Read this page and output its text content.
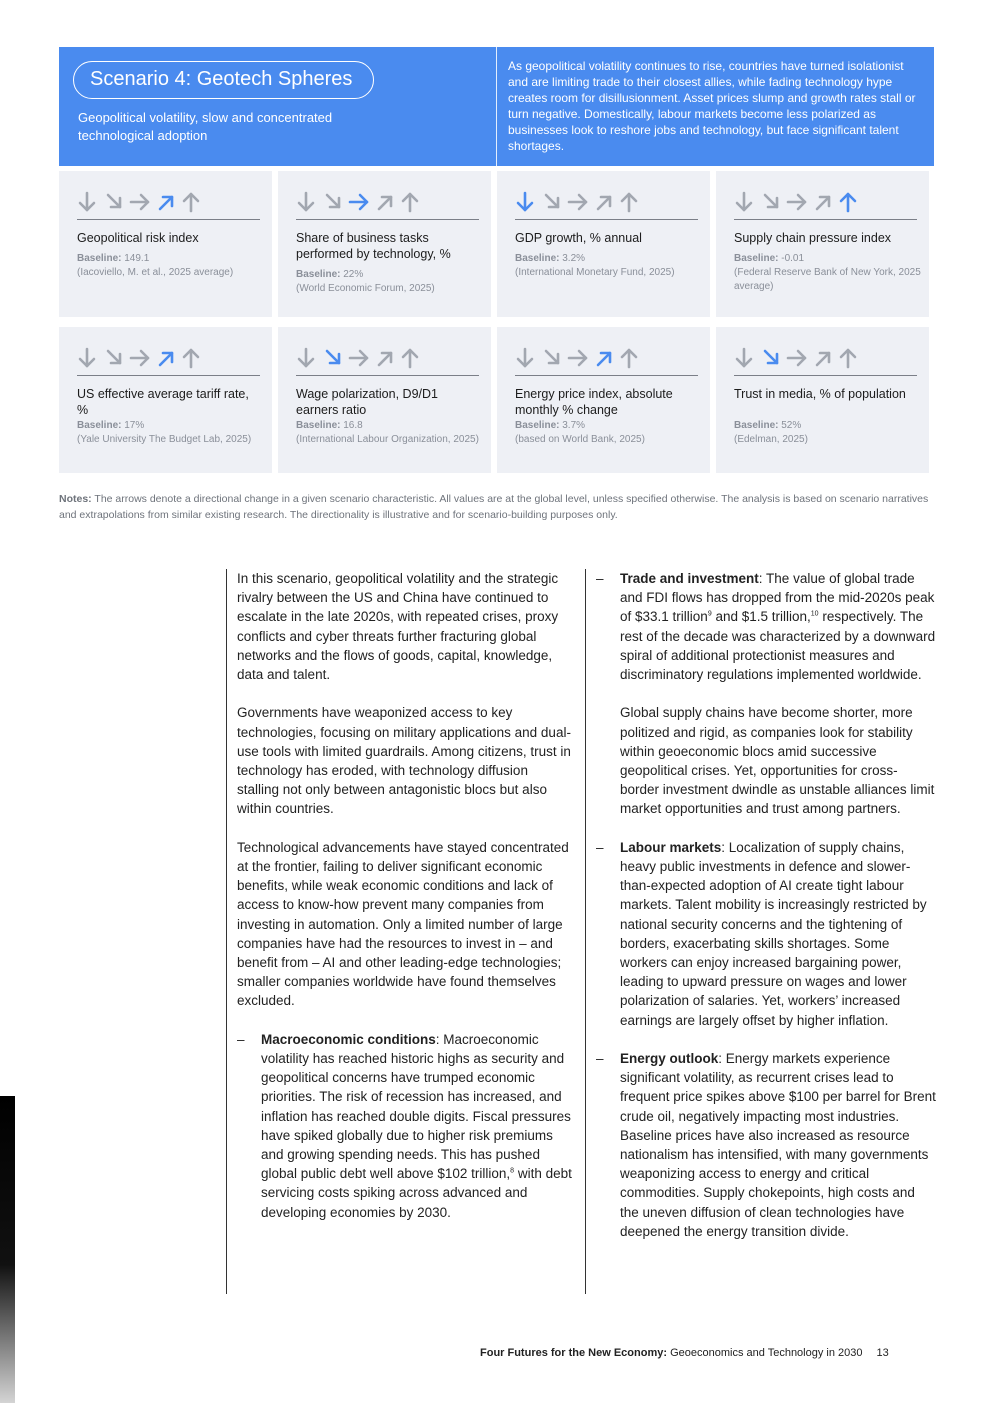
Scenario 4: Geotech Spheres
Geopolitical volatility, slow and concentrated technological adoption
As geopolitical volatility continues to rise, countries have turned isolationist and are limiting trade to their closest allies, while fading technology hype creates room for disillusionment. Asset prices slump and growth rates stall or turn negative. Domestically, labour markets become less polarized as businesses look to reshore jobs and technology, but face significant talent shortages.
Geopolitical risk index
Baseline: 149.1
(Iacoviello, M. et al., 2025 average)
Share of business tasks performed by technology, %
Baseline: 22%
(World Economic Forum, 2025)
GDP growth, % annual
Baseline: 3.2%
(International Monetary Fund, 2025)
Supply chain pressure index
Baseline: -0.01
(Federal Reserve Bank of New York, 2025 average)
US effective average tariff rate, %
Baseline: 17%
(Yale University The Budget Lab, 2025)
Wage polarization, D9/D1 earners ratio
Baseline: 16.8
(International Labour Organization, 2025)
Energy price index, absolute monthly % change
Baseline: 3.7%
(based on World Bank, 2025)
Trust in media, % of population
Baseline: 52%
(Edelman, 2025)
Notes: The arrows denote a directional change in a given scenario characteristic. All values are at the global level, unless specified otherwise. The analysis is based on scenario narratives and extrapolations from similar existing research. The directionality is illustrative and for scenario-building purposes only.

In this scenario, geopolitical volatility and the strategic rivalry between the US and China have continued to escalate in the late 2020s, with repeated crises, proxy conflicts and cyber threats further fracturing global networks and the flows of goods, capital, knowledge, data and talent.

Governments have weaponized access to key technologies, focusing on military applications and dual-use tools with limited guardrails. Among citizens, trust in technology has eroded, with technology diffusion stalling not only between antagonistic blocs but also within countries.

Technological advancements have stayed concentrated at the frontier, failing to deliver significant economic benefits, while weak economic conditions and lack of access to know-how prevent many companies from investing in automation. Only a limited number of large companies have had the resources to invest in – and benefit from – AI and other leading-edge technologies; smaller companies worldwide have found themselves excluded.

– Macroeconomic conditions: Macroeconomic volatility has reached historic highs as security and geopolitical concerns have trumped economic priorities. The risk of recession has increased, and inflation has reached double digits. Fiscal pressures have spiked globally due to higher risk premiums and growing spending needs. This has pushed global public debt well above $102 trillion,$^8$ with debt servicing costs spiking across advanced and developing economies by 2030.
– Trade and investment: The value of global trade and FDI flows has dropped from the mid-2020s peak of $33.1 trillion$^9$ and $1.5 trillion,$^{10}$ respectively. The rest of the decade was characterized by a downward spiral of additional protectionist measures and discriminatory regulations implemented worldwide.
Global supply chains have become shorter, more politized and rigid, as companies look for stability within geoeconomic blocs amid successive geopolitical crises. Yet, opportunities for cross-border investment dwindle as unstable alliances limit market opportunities and trust among partners.
– Labour markets: Localization of supply chains, heavy public investments in defence and slower-than-expected adoption of AI create tight labour markets. Talent mobility is increasingly restricted by national security concerns and the tightening of borders, exacerbating skills shortages. Some workers can enjoy increased bargaining power, leading to upward pressure on wages and lower polarization of salaries. Yet, workers’ increased earnings are largely offset by higher inflation.
– Energy outlook: Energy markets experience significant volatility, as recurrent crises lead to frequent price spikes above $100 per barrel for Brent crude oil, negatively impacting most industries. Baseline prices have also increased as resource nationalism has intensified, with many governments weaponizing access to energy and critical commodities. Supply chokepoints, high costs and the uneven diffusion of clean technologies have deepened the energy transition divide.
Four Futures for the New Economy: Geoeconomics and Technology in 2030 13
